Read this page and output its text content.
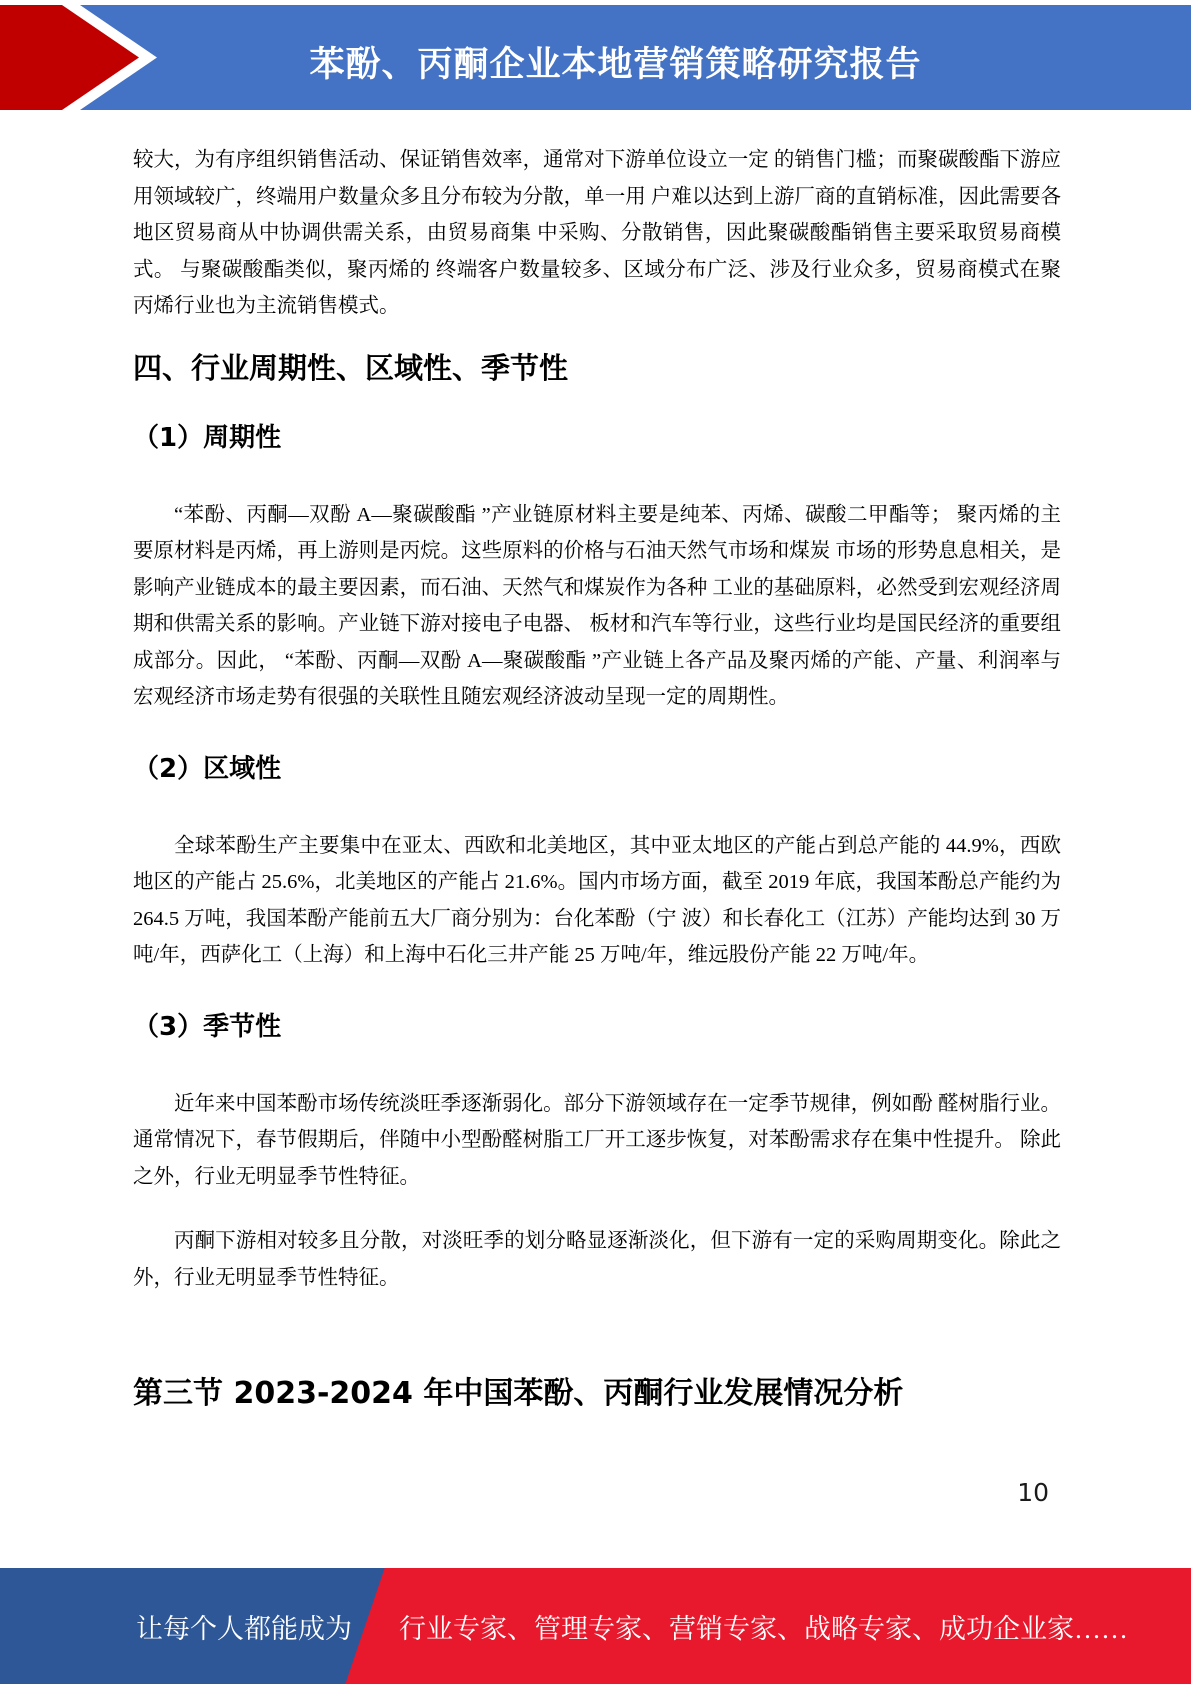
苯酚、丙酮企业本地营销策略研究报告

较大，为有序组织销售活动、保证销售效率，通常对下游单位设立一定 的销售门槛；而聚碳酸酯下游应用领域较广，终端用户数量众多且分布较为分散，单一用 户难以达到上游厂商的直销标准，因此需要各地区贸易商从中协调供需关系，由贸易商集 中采购、分散销售，因此聚碳酸酯销售主要采取贸易商模式。 与聚碳酸酯类似，聚丙烯的 终端客户数量较多、区域分布广泛、涉及行业众多，贸易商模式在聚丙烯行业也为主流销售模式。

四、行业周期性、区域性、季节性
（1）周期性

“苯酚、丙酮—双酚 A—聚碳酸酯 ”产业链原材料主要是纯苯、丙烯、碳酸二甲酯等； 聚丙烯的主要原材料是丙烯，再上游则是丙烷。这些原料的价格与石油天然气市场和煤炭 市场的形势息息相关，是影响产业链成本的最主要因素，而石油、天然气和煤炭作为各种 工业的基础原料，必然受到宏观经济周期和供需关系的影响。产业链下游对接电子电器、 板材和汽车等行业，这些行业均是国民经济的重要组成部分。因此， “苯酚、丙酮—双酚 A—聚碳酸酯 ”产业链上各产品及聚丙烯的产能、产量、利润率与宏观经济市场走势有很强的关联性且随宏观经济波动呈现一定的周期性。

（2）区域性

全球苯酚生产主要集中在亚太、西欧和北美地区，其中亚太地区的产能占到总产能的 44.9%，西欧地区的产能占 25.6%，北美地区的产能占 21.6%。国内市场方面，截至 2019 年底，我国苯酚总产能约为 264.5 万吨，我国苯酚产能前五大厂商分别为：台化苯酚（宁 波）和长春化工（江苏）产能均达到 30 万吨/年，西萨化工（上海）和上海中石化三井产能 25 万吨/年，维远股份产能 22 万吨/年。

（3）季节性

近年来中国苯酚市场传统淡旺季逐渐弱化。部分下游领域存在一定季节规律，例如酚 醛树脂行业。通常情况下，春节假期后，伴随中小型酚醛树脂工厂开工逐步恢复，对苯酚需求存在集中性提升。 除此之外，行业无明显季节性特征。

丙酮下游相对较多且分散，对淡旺季的划分略显逐渐淡化，但下游有一定的采购周期变化。除此之外，行业无明显季节性特征。

第三节 2023-2024 年中国苯酚、丙酮行业发展情况分析
10
让每个人都能成为 行业专家、管理专家、营销专家、战略专家、成功企业家……
